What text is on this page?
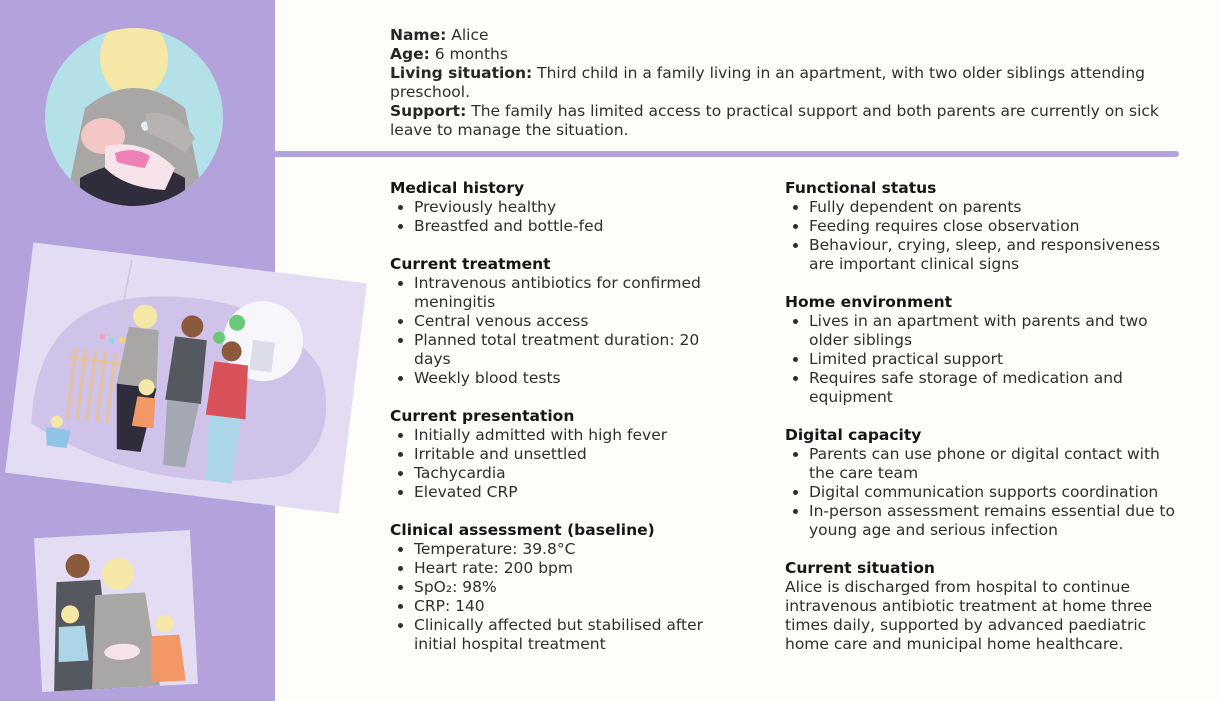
Name: Alice

Age: 6 months

Living situation: Third child in a family living in an apartment, with two older siblings attending preschool.

Support: The family has limited access to practical support and both parents are currently on sick leave to manage the situation.

Medical history
• Previously healthy
• Breastfed and bottle-fed
Current treatment
• Intravenous antibiotics for confirmed meningitis
• Central venous access
• Planned total treatment duration: 20 days
• Weekly blood tests
Current presentation
• Initially admitted with high fever
• Irritable and unsettled
• Tachycardia
• Elevated CRP
Clinical assessment (baseline)
• Temperature: 39.8°C
• Heart rate: 200 bpm
• SpO₂: 98%
• CRP: 140
• Clinically affected but stabilised after initial hospital treatment
Functional status
• Fully dependent on parents
• Feeding requires close observation
• Behaviour, crying, sleep, and responsiveness are important clinical signs
Home environment
• Lives in an apartment with parents and two older siblings
• Limited practical support
• Requires safe storage of medication and equipment
Digital capacity
• Parents can use phone or digital contact with the care team
• Digital communication supports coordination
• In-person assessment remains essential due to young age and serious infection
Current situation

Alice is discharged from hospital to continue intravenous antibiotic treatment at home three times daily, supported by advanced paediatric home care and municipal home healthcare.
